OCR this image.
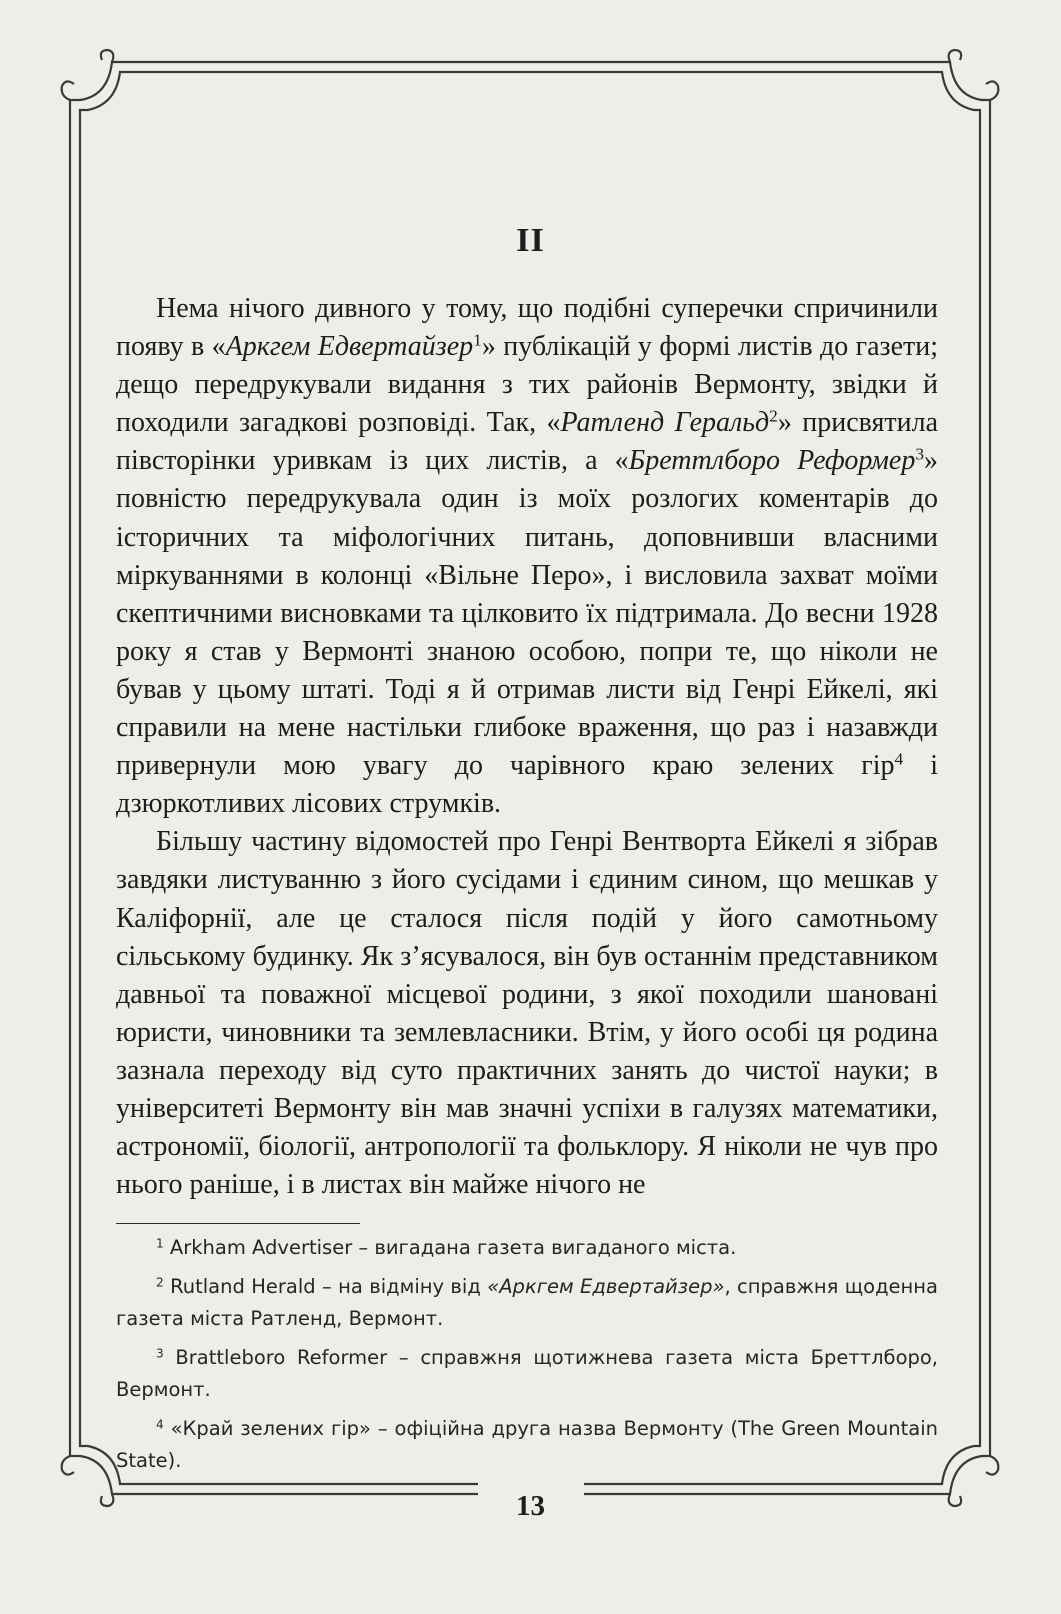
II

Нема нічого дивного у тому, що подібні суперечки спричинили появу в «Аркгем Едвертайзер$^1$» публікацій у формі листів до газети; дещо передрукували видання з тих районів Вермонту, звідки й походили загадкові розповіді. Так, «Ратленд Геральд$^2$» присвятила півсторінки уривкам із цих листів, а «Бреттлборо Реформер$^3$» повністю передрукувала один із моїх розлогих коментарів до історичних та міфологічних питань, доповнивши власними міркуваннями в колонці «Вільне Перо», і висловила захват моїми скептичними висновками та цілковито їх підтримала. До весни 1928 року я став у Вермонті знаною особою, попри те, що ніколи не бував у цьому штаті. Тоді я й отримав листи від Генрі Ейкелі, які справили на мене настільки глибоке враження, що раз і назавжди привернули мою увагу до чарівного краю зелених гір$^4$ і дзюркотливих лісових струмків.

Більшу частину відомостей про Генрі Вентворта Ейкелі я зібрав завдяки листуванню з його сусідами і єдиним сином, що мешкав у Каліфорнії, але це сталося після подій у його самотньому сільському будинку. Як з’ясувалося, він був останнім представником давньої та поважної місцевої родини, з якої походили шановані юристи, чиновники та землевласники. Втім, у його особі ця родина зазнала переходу від суто практичних занять до чистої науки; в університеті Вермонту він мав значні успіхи в галузях математики, астрономії, біології, антропології та фольклору. Я ніколи не чув про нього раніше, і в листах він майже нічого не

$^1$ Arkham Advertiser – вигадана газета вигаданого міста.

$^2$ Rutland Herald – на відміну від «Аркгем Едвертайзер», справжня щоденна газета міста Ратленд, Вермонт.

$^3$ Brattleboro Reformer – справжня щотижнева газета міста Бреттлборо, Вермонт.

$^4$ «Край зелених гір» – офіційна друга назва Вермонту (The Green Mountain State).

13
